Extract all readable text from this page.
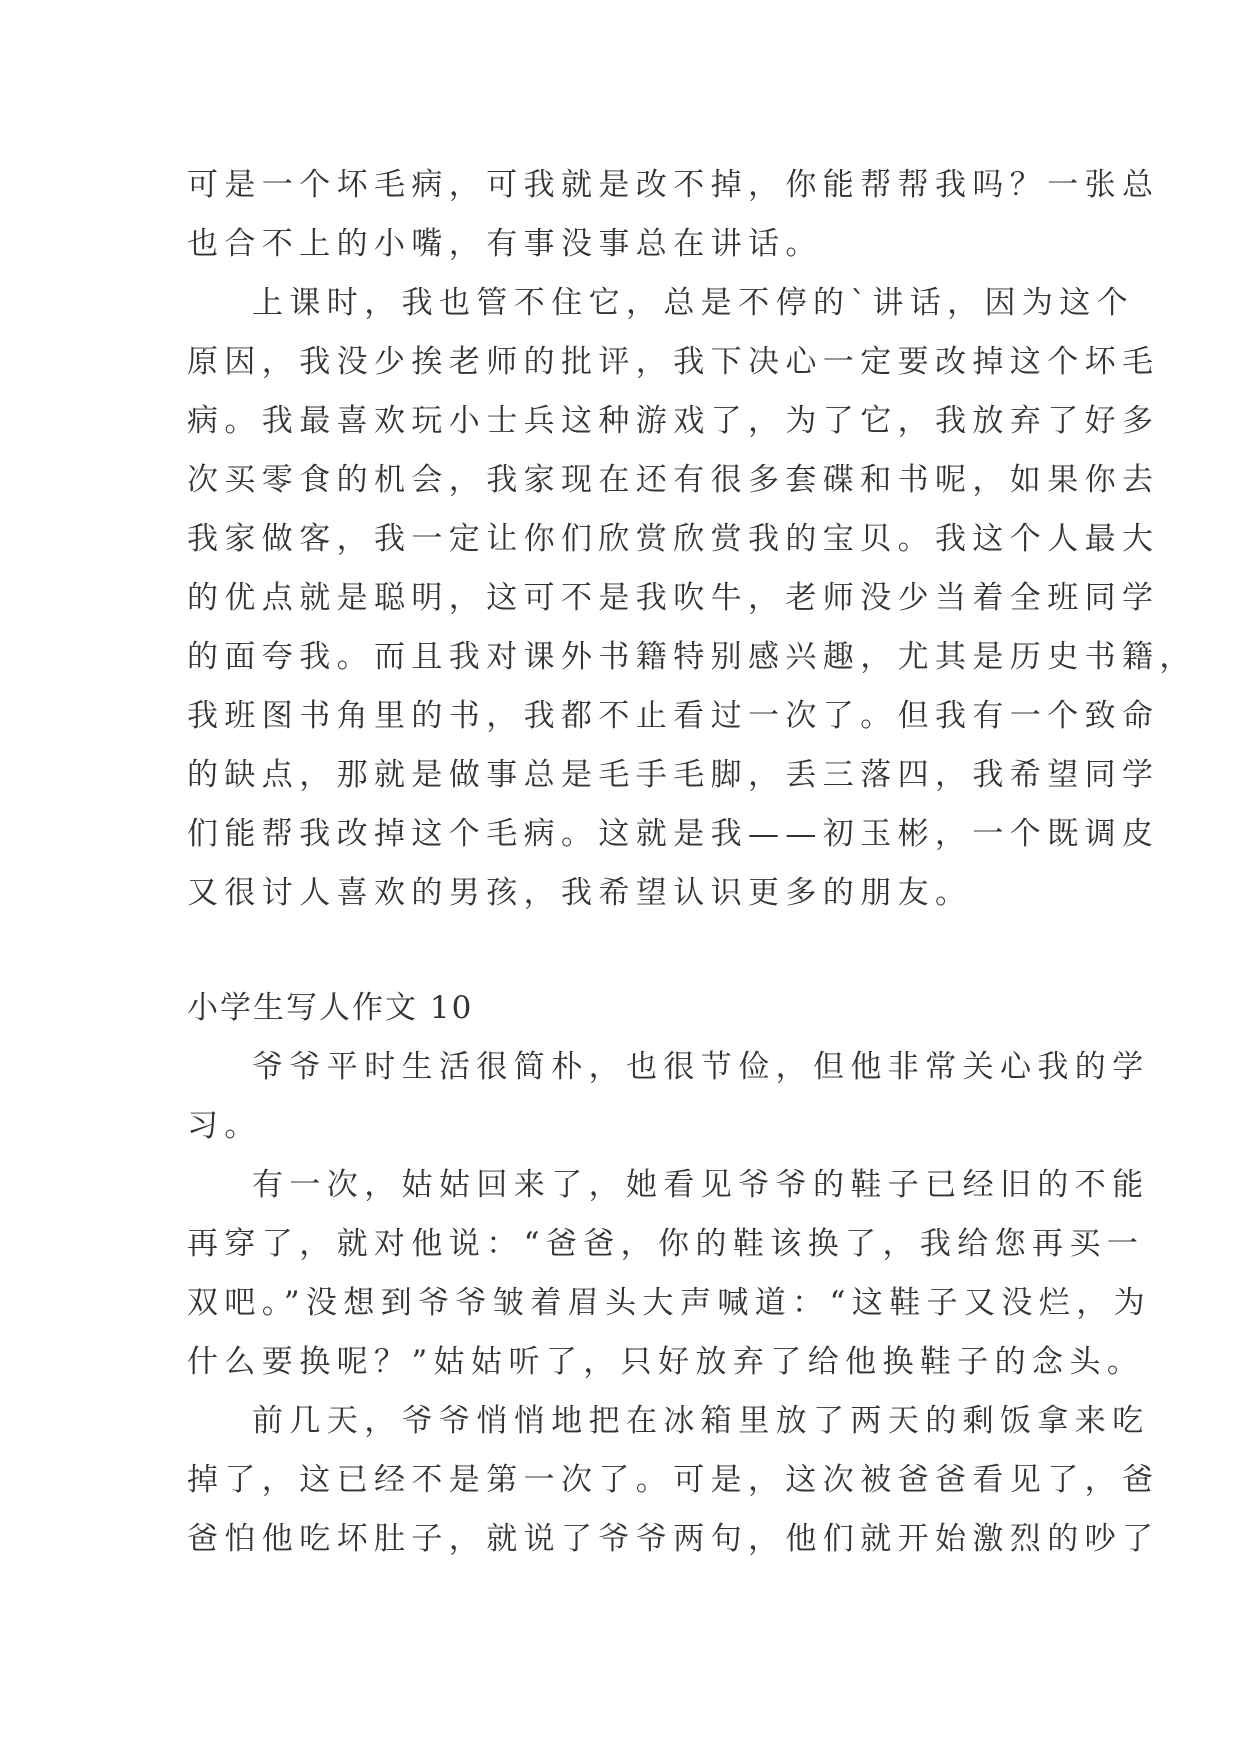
可是一个坏毛病，可我就是改不掉，你能帮帮我吗？一张总

也合不上的小嘴，有事没事总在讲话。

上课时，我也管不住它，总是不停的`讲话，因为这个

原因，我没少挨老师的批评，我下决心一定要改掉这个坏毛

病。我最喜欢玩小士兵这种游戏了，为了它，我放弃了好多

次买零食的机会，我家现在还有很多套碟和书呢，如果你去

我家做客，我一定让你们欣赏欣赏我的宝贝。我这个人最大

的优点就是聪明，这可不是我吹牛，老师没少当着全班同学

的面夸我。而且我对课外书籍特别感兴趣，尤其是历史书籍，

我班图书角里的书，我都不止看过一次了。但我有一个致命

的缺点，那就是做事总是毛手毛脚，丢三落四，我希望同学

们能帮我改掉这个毛病。这就是我——初玉彬，一个既调皮

又很讨人喜欢的男孩，我希望认识更多的朋友。

小学生写人作文 10

爷爷平时生活很简朴，也很节俭，但他非常关心我的学

习。

有一次，姑姑回来了，她看见爷爷的鞋子已经旧的不能

再穿了，就对他说：“爸爸，你的鞋该换了，我给您再买一

双吧。”没想到爷爷皱着眉头大声喊道：“这鞋子又没烂，为

什么要换呢？”姑姑听了，只好放弃了给他换鞋子的念头。

前几天，爷爷悄悄地把在冰箱里放了两天的剩饭拿来吃

掉了，这已经不是第一次了。可是，这次被爸爸看见了，爸

爸怕他吃坏肚子，就说了爷爷两句，他们就开始激烈的吵了
